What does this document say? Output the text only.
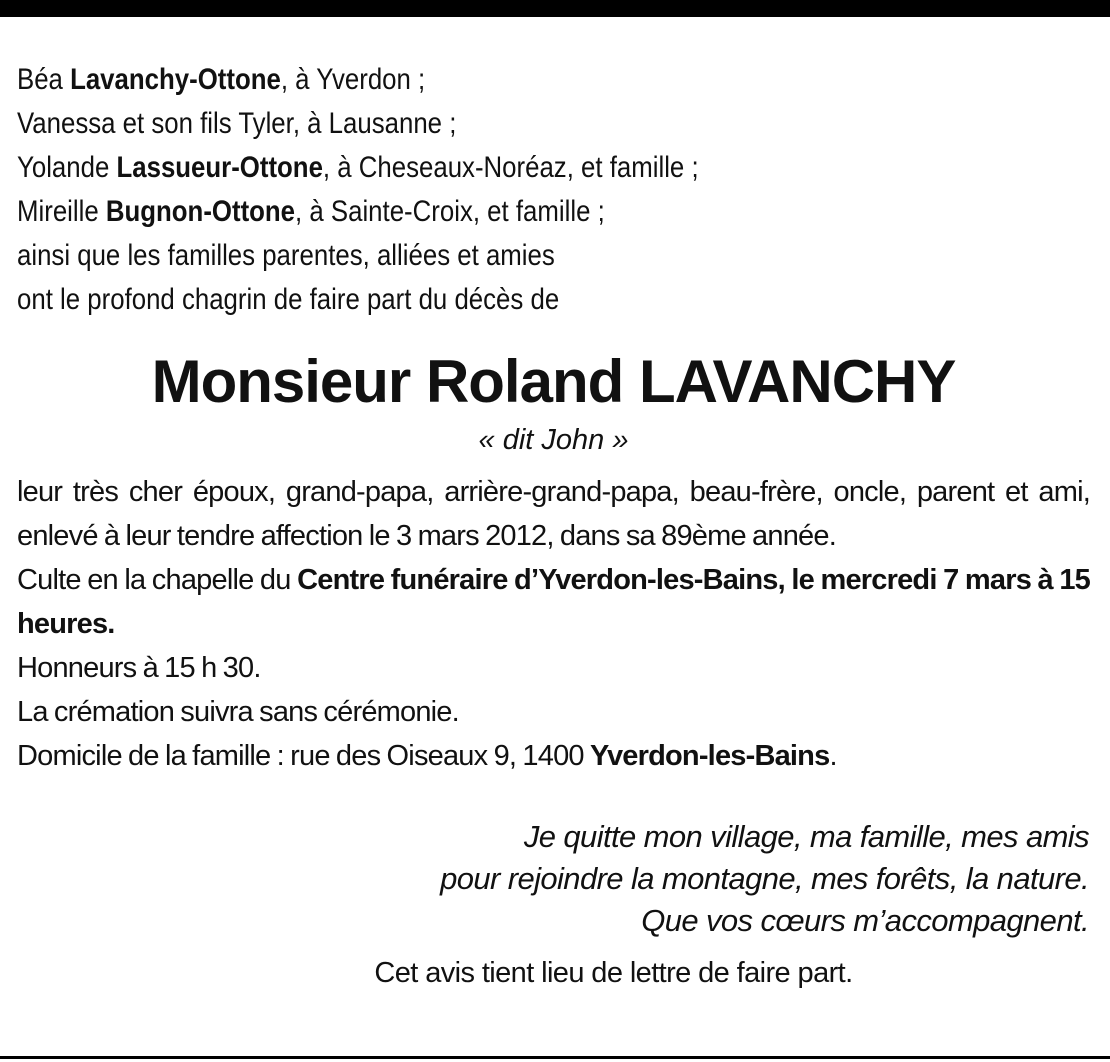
Béa Lavanchy-Ottone, à Yverdon ;
Vanessa et son fils Tyler, à Lausanne ;
Yolande Lassueur-Ottone, à Cheseaux-Noréaz, et famille ;
Mireille Bugnon-Ottone, à Sainte-Croix, et famille ;
ainsi que les familles parentes, alliées et amies
ont le profond chagrin de faire part du décès de
Monsieur Roland LAVANCHY
« dit John »
leur très cher époux, grand-papa, arrière-grand-papa, beau-frère, oncle, parent et ami, enlevé à leur tendre affection le 3 mars 2012, dans sa 89ème année.
Culte en la chapelle du Centre funéraire d’Yverdon-les-Bains, le mercredi 7 mars à 15 heures.
Honneurs à 15 h 30.
La crémation suivra sans cérémonie.
Domicile de la famille : rue des Oiseaux 9, 1400 Yverdon-les-Bains.
Je quitte mon village, ma famille, mes amis
pour rejoindre la montagne, mes forêts, la nature.
Que vos cœurs m’accompagnent.
Cet avis tient lieu de lettre de faire part.
